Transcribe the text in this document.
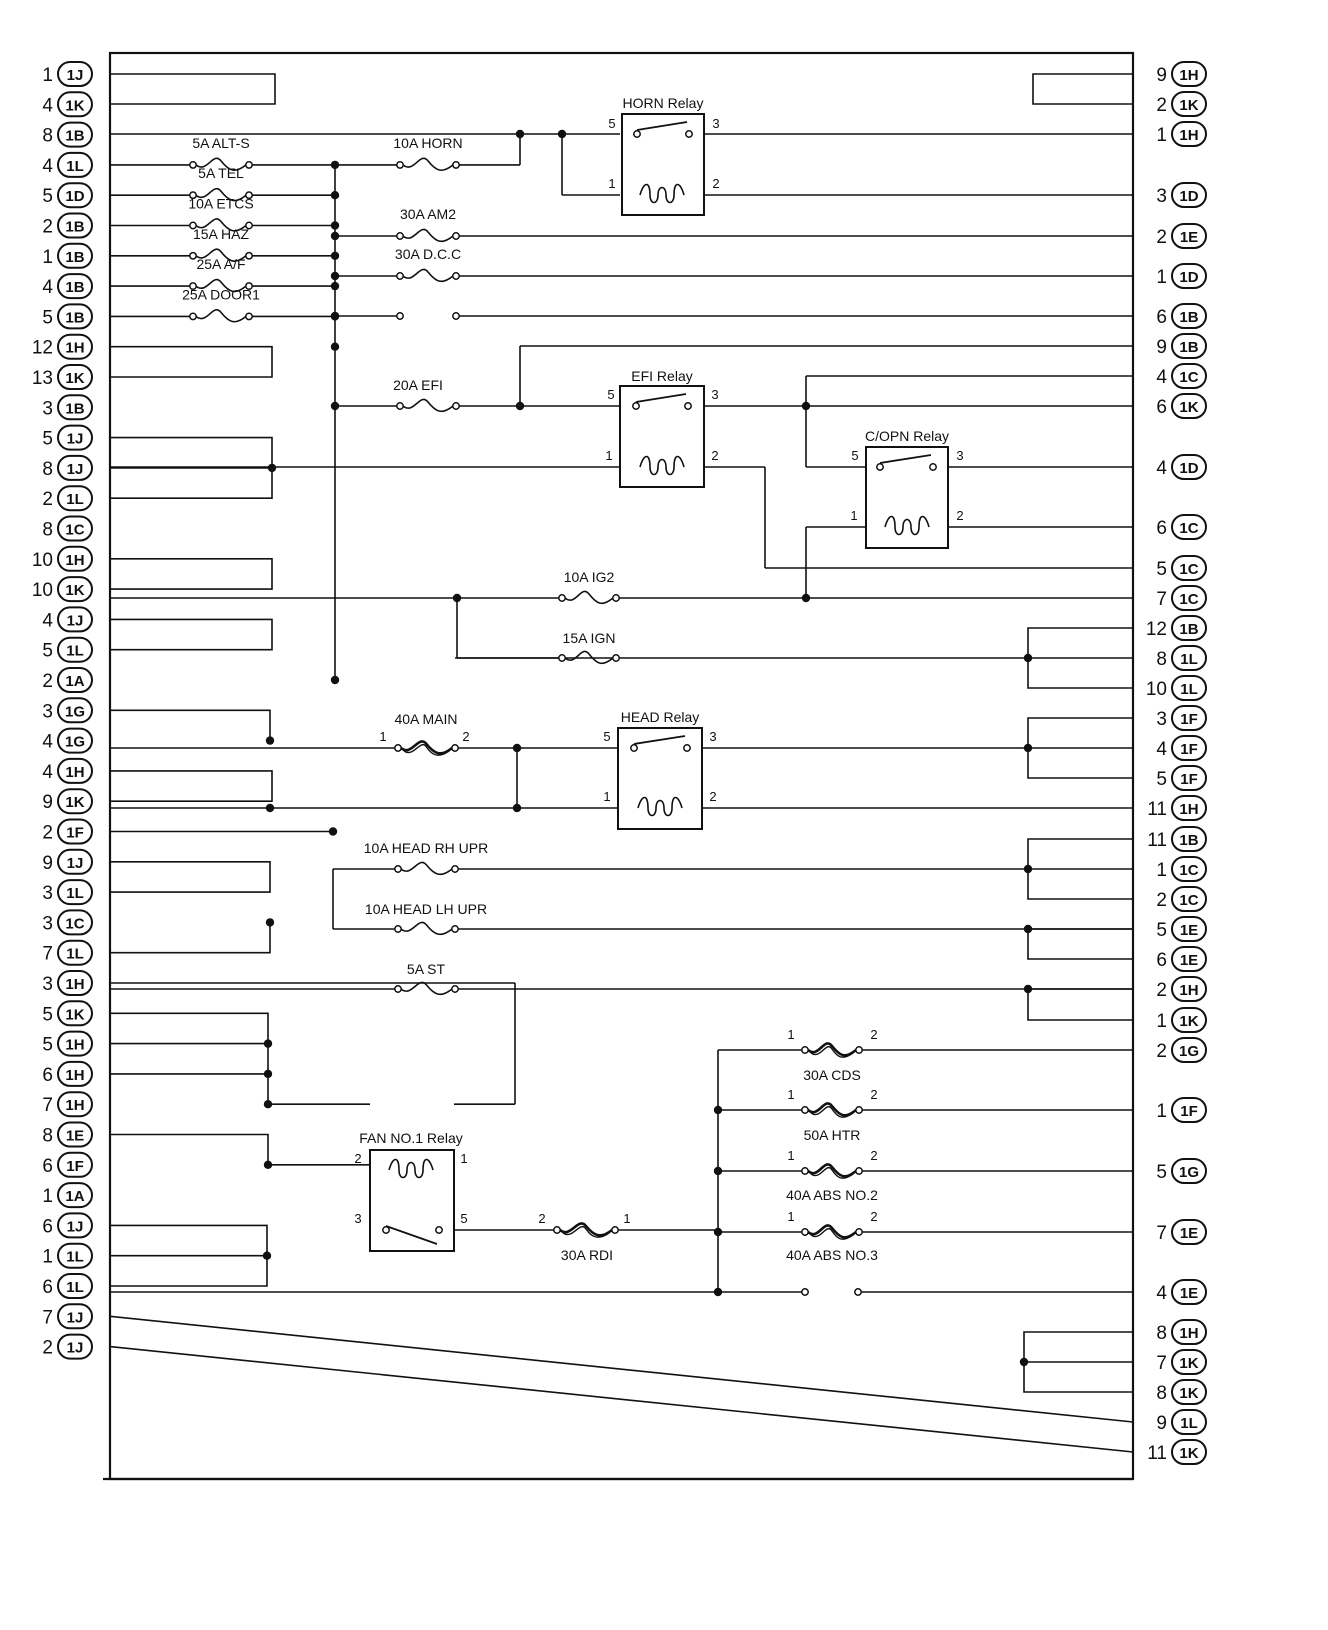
1 1J
4 1K
8 1B
4 1L
5 1D
2 1B
1 1B
4 1B
5 1B
12 1H
13 1K
3 1B
5 1J
8 1J
2 1L
8 1C
10 1H
10 1K
4 1J
5 1L
2 1A
3 1G
4 1G
4 1H
9 1K
2 1F
9 1J
3 1L
3 1C
7 1L
3 1H
5 1K
5 1H
6 1H
7 1H
8 1E
6 1F
1 1A
6 1J
1 1L
6 1L
7 1J
2 1J
9 1H
2 1K
1 1H
3 1D
2 1E
1 1D
6 1B
9 1B
4 1C
6 1K
4 1D
6 1C
5 1C
7 1C
12 1B
8 1L
10 1L
3 1F
4 1F
5 1F
11 1H
11 1B
1 1C
2 1C
5 1E
6 1E
2 1H
1 1K
2 1G
1 1F
5 1G
7 1E
4 1E
8 1H
7 1K
8 1K
9 1L
11 1K
1	2
2	1
1	2
1	2
1	2
1	2
5A ALT-S
5A TEL
10A ETCS
15A HAZ
25A A/F
25A DOOR1
10A HORN
30A AM2
30A D.C.C
20A EFI
10A IG2
15A IGN
40A MAIN
10A HEAD RH UPR
10A HEAD LH UPR
5A ST
30A RDI
30A CDS
50A HTR
40A ABS NO.2
40A ABS NO.3
HORN Relay
5	3
1	2
EFI Relay
5	3
1	2
C/OPN Relay
5	3
1	2
HEAD Relay
5	3
1	2
FAN NO.1 Relay
2	1
3	5
